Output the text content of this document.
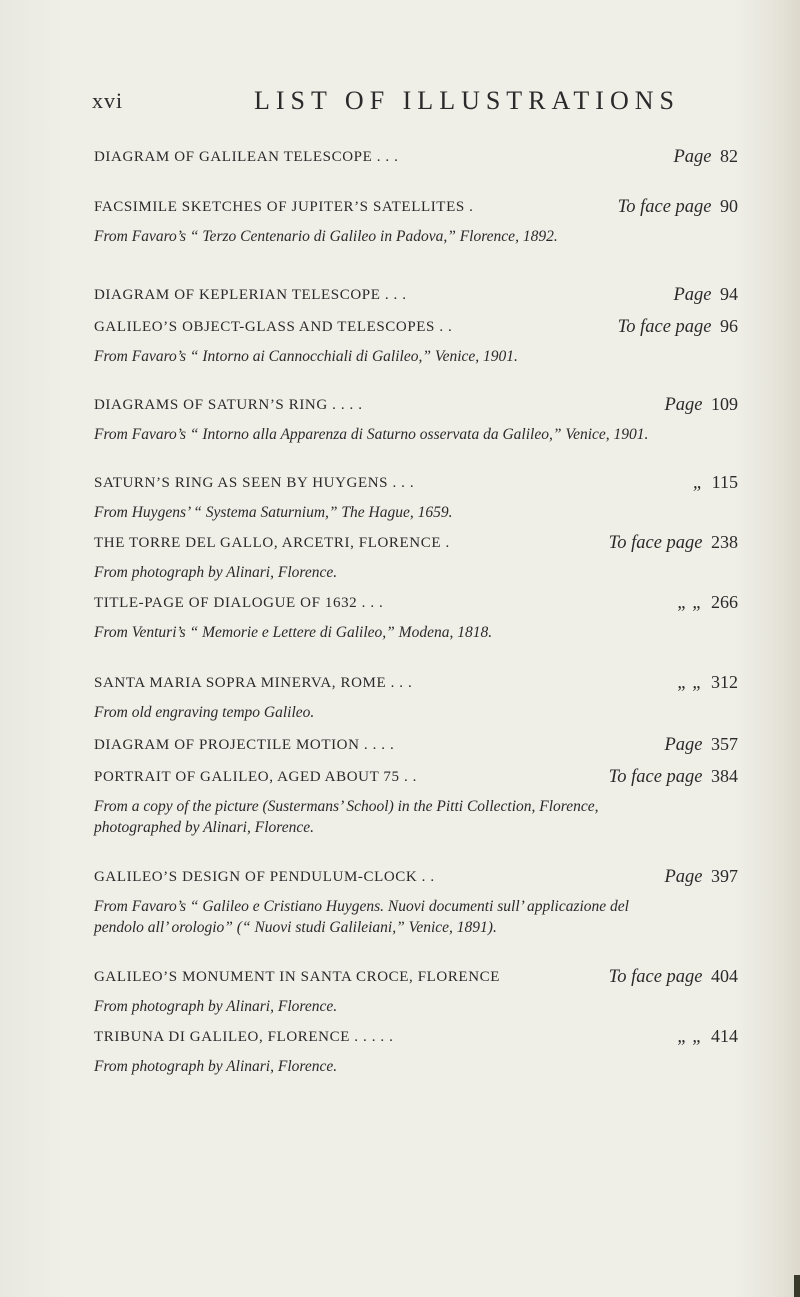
xvi	LIST OF ILLUSTRATIONS
DIAGRAM OF GALILEAN TELESCOPE . . .	Page 82
FACSIMILE SKETCHES OF JUPITER’S SATELLITES .	To face page 90
From Favaro’s “ Terzo Centenario di Galileo in Padova,” Florence, 1892.
DIAGRAM OF KEPLERIAN TELESCOPE . . .	Page 94
GALILEO’S OBJECT-GLASS AND TELESCOPES . .	To face page 96
From Favaro’s “ Intorno ai Cannocchiali di Galileo,” Venice, 1901.
DIAGRAMS OF SATURN’S RING . . . .	Page 109
From Favaro’s “ Intorno alla Apparenza di Saturno osservata da Galileo,” Venice, 1901.
SATURN’S RING AS SEEN BY HUYGENS . . .	„ 115
From Huygens’ “ Systema Saturnium,” The Hague, 1659.
THE TORRE DEL GALLO, ARCETRI, FLORENCE .	To face page 238
From photograph by Alinari, Florence.
TITLE-PAGE OF DIALOGUE OF 1632 . . .	„ „ 266
From Venturi’s “ Memorie e Lettere di Galileo,” Modena, 1818.
SANTA MARIA SOPRA MINERVA, ROME . . .	„ „ 312
From old engraving tempo Galileo.
DIAGRAM OF PROJECTILE MOTION . . . .	Page 357
PORTRAIT OF GALILEO, AGED ABOUT 75 . .	To face page 384
From a copy of the picture (Sustermans’ School) in the Pitti Collection, Florence, photographed by Alinari, Florence.
GALILEO’S DESIGN OF PENDULUM-CLOCK . .	Page 397
From Favaro’s “ Galileo e Cristiano Huygens. Nuovi documenti sull’ applicazione del pendolo all’ orologio” (“ Nuovi studi Galileiani,” Venice, 1891).
GALILEO’S MONUMENT IN SANTA CROCE, FLORENCE	To face page 404
From photograph by Alinari, Florence.
TRIBUNA DI GALILEO, FLORENCE . . . . .	„ „ 414
From photograph by Alinari, Florence.
